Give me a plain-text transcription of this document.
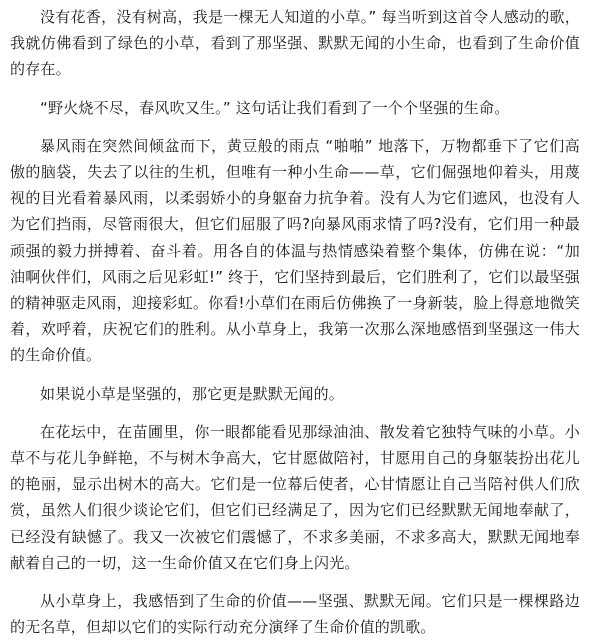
没有花香，没有树高，我是一棵无人知道的小草。” 每当听到这首令人感动的歌，我就仿佛看到了绿色的小草，看到了那坚强、默默无闻的小生命，也看到了生命价值的存在。

“野火烧不尽，春风吹又生。” 这句话让我们看到了一个个坚强的生命。

暴风雨在突然间倾盆而下，黄豆般的雨点 “啪啪” 地落下，万物都垂下了它们高傲的脑袋，失去了以往的生机，但唯有一种小生命——草，它们倔强地仰着头，用蔑视的目光看着暴风雨，以柔弱娇小的身躯奋力抗争着。没有人为它们遮风，也没有人为它们挡雨，尽管雨很大，但它们屈服了吗?向暴风雨求情了吗?没有，它们用一种最顽强的毅力拼搏着、奋斗着。用各自的体温与热情感染着整个集体，仿佛在说：“加油啊伙伴们，风雨之后见彩虹!” 终于，它们坚持到最后，它们胜利了，它们以最坚强的精神驱走风雨，迎接彩虹。你看!小草们在雨后仿佛换了一身新装，脸上得意地微笑着，欢呼着，庆祝它们的胜利。从小草身上，我第一次那么深地感悟到坚强这一伟大的生命价值。

如果说小草是坚强的，那它更是默默无闻的。

在花坛中，在苗圃里，你一眼都能看见那绿油油、散发着它独特气味的小草。小草不与花儿争鲜艳，不与树木争高大，它甘愿做陪衬，甘愿用自己的身躯装扮出花儿的艳丽，显示出树木的高大。它们是一位幕后使者，心甘情愿让自己当陪衬供人们欣赏，虽然人们很少谈论它们，但它们已经满足了，因为它们已经默默无闻地奉献了，已经没有缺憾了。我又一次被它们震憾了，不求多美丽，不求多高大，默默无闻地奉献着自己的一切，这一生命价值又在它们身上闪光。

从小草身上，我感悟到了生命的价值——坚强、默默无闻。它们只是一棵棵路边的无名草，但却以它们的实际行动充分演绎了生命价值的凯歌。
